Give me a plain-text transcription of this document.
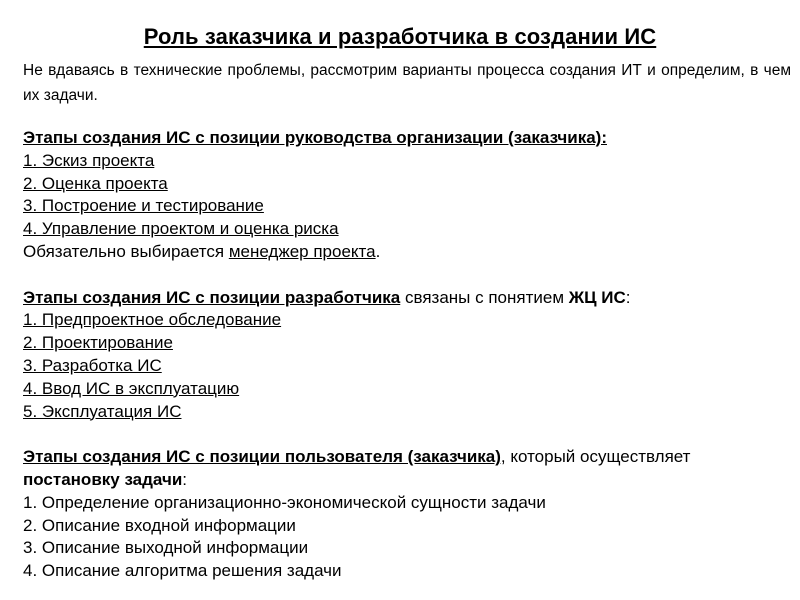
Роль заказчика и разработчика в создании ИС
Не вдаваясь в технические проблемы, рассмотрим варианты процесса создания ИТ и определим, в чем их задачи.
Этапы создания ИС с позиции руководства организации (заказчика):
1. Эскиз проекта
2. Оценка проекта
3. Построение и тестирование
4. Управление проектом и оценка риска
Обязательно выбирается менеджер проекта.
Этапы создания ИС с позиции разработчика связаны с понятием ЖЦ ИС:
1. Предпроектное обследование
2. Проектирование
3. Разработка ИС
4. Ввод ИС в эксплуатацию
5. Эксплуатация ИС
Этапы создания ИС с позиции пользователя (заказчика), который осуществляет
постановку задачи:
1. Определение организационно-экономической сущности задачи
2. Описание входной информации
3. Описание выходной информации
4. Описание алгоритма решения задачи
